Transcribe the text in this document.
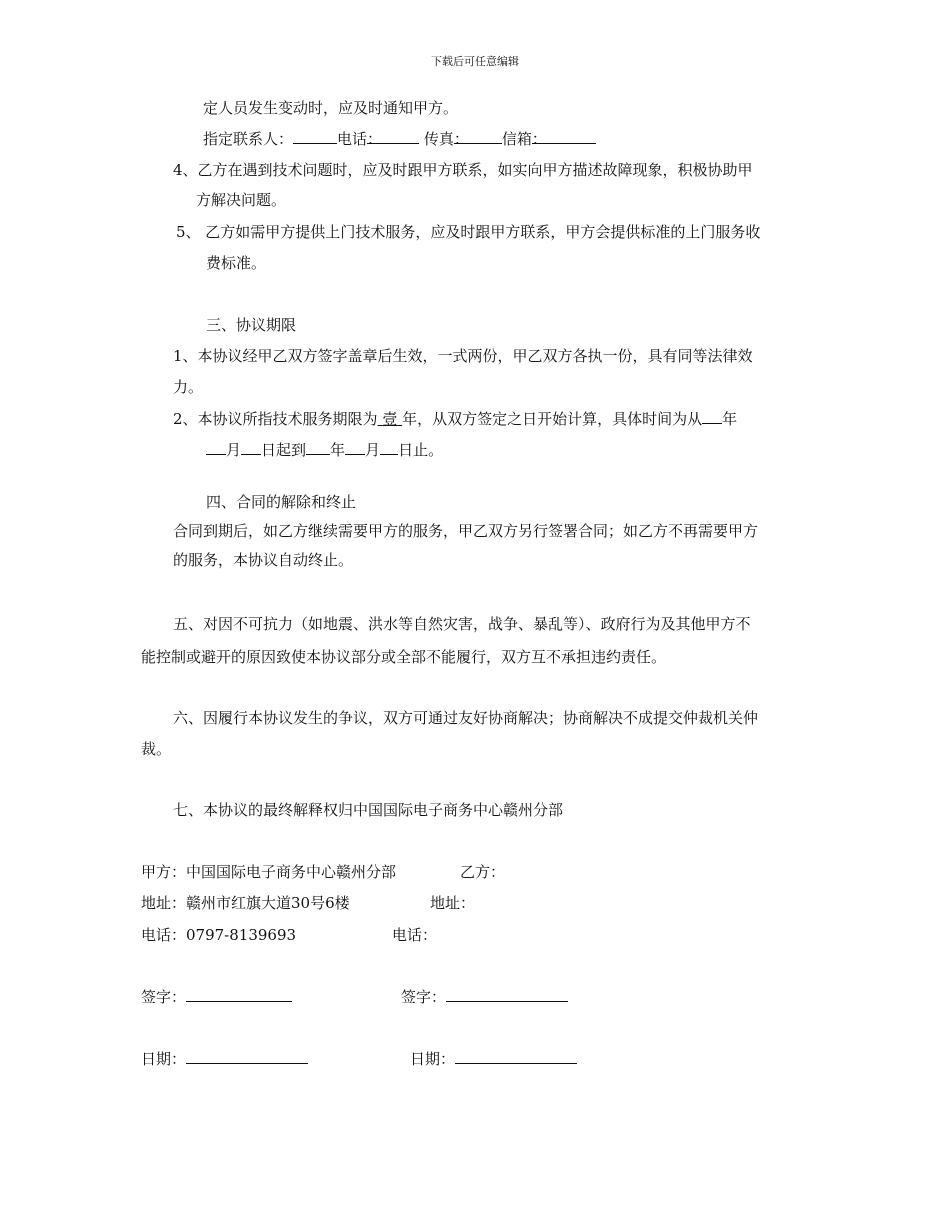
下载后可任意编辑
定人员发生变动时，应及时通知甲方。
指定联系人：	电话：	传真： 信箱：
4、乙方在遇到技术问题时，应及时跟甲方联系，如实向甲方描述故障现象，积极协助甲
方解决问题。
5、 乙方如需甲方提供上门技术服务，应及时跟甲方联系，甲方会提供标准的上门服务收
费标准。
三、协议期限
1、本协议经甲乙双方签字盖章后生效，一式两份，甲乙双方各执一份，具有同等法律效
力。
2、本协议所指技术服务期限为 壹 年，从双方签定之日开始计算，具体时间为从 年
月 日起到 年 月 日止。
四、合同的解除和终止
合同到期后，如乙方继续需要甲方的服务，甲乙双方另行签署合同；如乙方不再需要甲方
的服务，本协议自动终止。
五、对因不可抗力（如地震、洪水等自然灾害，战争、暴乱等）、政府行为及其他甲方不
能控制或避开的原因致使本协议部分或全部不能履行，双方互不承担违约责任。
六、因履行本协议发生的争议，双方可通过友好协商解决；协商解决不成提交仲裁机关仲
裁。
七、本协议的最终解释权归中国国际电子商务中心赣州分部
甲方：中国国际电子商务中心赣州分部	乙方：
地址：赣州市红旗大道30号6楼	地址：
电话：0797-8139693	电话：
签字：	签字：
日期：	日期：
